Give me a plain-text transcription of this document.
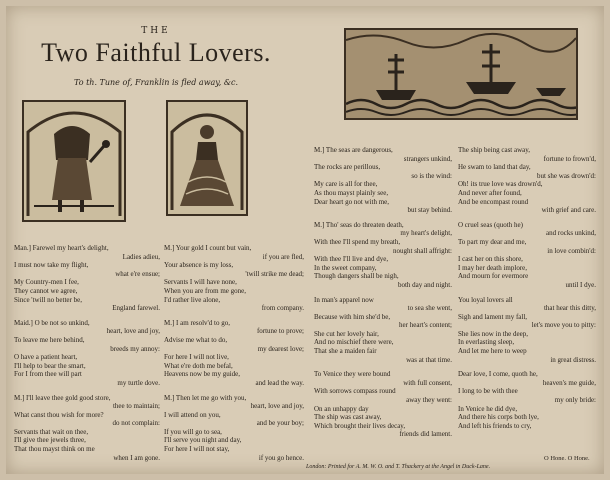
THE
Two Faithful Lovers.
To th. Tune of, Franklin is fled away, &c.
Man.] Farewel my heart's delight,
Ladies adieu,
I must now take my flight,
what e're ensue;
My Country-men I fee,
They cannot we agree,
Since 'twill no better be,
England farewel.
Maid.] O be not so unkind,
heart, love and joy,
To leave me here behind,
breeds my annoy:
O have a patient heart,
I'll help to bear the smart,
For I from thee will part
my turtle dove.
M.] I'll leave thee gold good store,
thee to maintain;
What canst thou wish for more?
do not complain:
Servants that wait on thee,
I'll give thee jewels three,
That thou mayst think on me
when I am gone.
M.] Your gold I count but vain,
if you are fled,
Your absence is my loss,
'twill strike me dead;
Servants I will have none,
When you are from me gone,
I'd rather live alone,
from company.
M.] I am resolv'd to go,
fortune to prove;
Advise me what to do,
my dearest love;
For here I will not live,
What e're doth me befal,
Heavens now be my guide,
and lead the way.
M.] Then let me go with you,
heart, love and joy,
I will attend on you,
and be your boy;
If you will go to sea,
I'll serve you night and day,
For here I will not stay,
if you go hence.
M.] The seas are dangerous,
strangers unkind,
The rocks are perillous,
so is the wind:
My care is all for thee,
As thou mayst plainly see,
Dear heart go not with me,
but stay behind.
M.] Tho' seas do threaten death,
my heart's delight,
With thee I'll spend my breath,
nought shall affright:
With thee I'll live and dye,
In the sweet company,
Though dangers shall be nigh,
both day and night.
In man's apparel now
to sea she went,
Because with him she'd be,
her heart's content;
She cut her lovely hair,
And no mischief there were,
That she a maiden fair
was at that time.
To Venice they were bound
with full consent,
With sorrows compass round
away they went:
On an unhappy day
The ship was cast away,
Which brought their lives decay,
friends did lament.
The ship being cast away,
fortune to frown'd,
He swam to land that day,
but she was drown'd:
Oh! its true love was drown'd,
And never after found,
And be encompast round
with grief and care.
O cruel seas (quoth he)
and rocks unkind,
To part my dear and me,
in love combin'd:
I cast her on this shore,
I may her death implore,
And mourn for evermore
until I dye.
You loyal lovers all
that hear this ditty,
Sigh and lament my fall,
let's move you to pitty:
She lies now in the deep,
In everlasting sleep,
And let me here to weep
in great distress.
Dear love, I come, quoth he,
heaven's me guide,
I long to be with thee
my only bride:
In Venice he did dye,
And there his corps both lye,
And left his friends to cry,
London: Printed for A. M. W. O. and T. Thackery at the Angel in Duck-Lane.
O Hone. O Hone.
